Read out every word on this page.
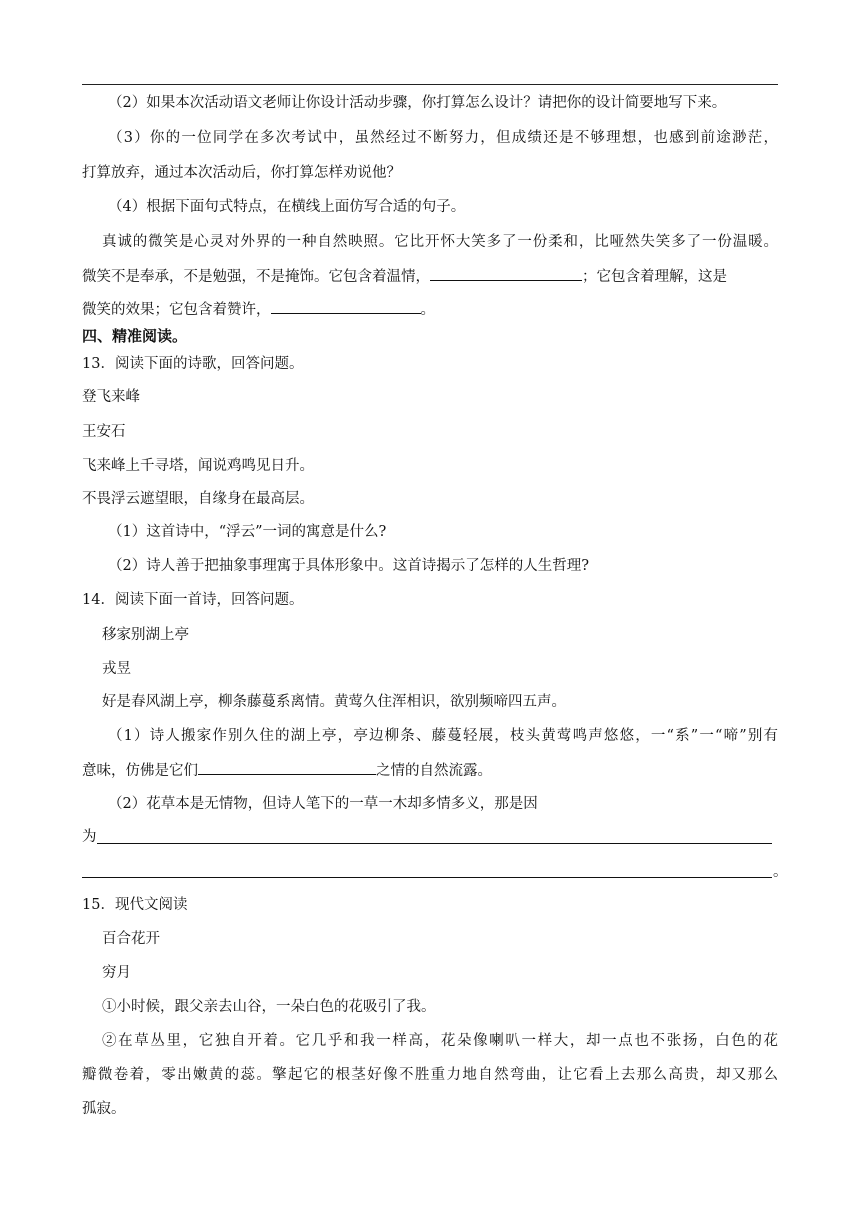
（2）如果本次活动语文老师让你设计活动步骤，你打算怎么设计？请把你的设计简要地写下来。
（3）你的一位同学在多次考试中，虽然经过不断努力，但成绩还是不够理想，也感到前途渺茫，
打算放弃，通过本次活动后，你打算怎样劝说他？
（4）根据下面句式特点，在横线上面仿写合适的句子。
真诚的微笑是心灵对外界的一种自然映照。它比开怀大笑多了一份柔和，比哑然失笑多了一份温暖。
微笑不是奉承，不是勉强，不是掩饰。它包含着温情，	；它包含着理解，这是
微笑的效果；它包含着赞许，	。
四、精准阅读。
13．阅读下面的诗歌，回答问题。
登飞来峰
王安石
飞来峰上千寻塔，闻说鸡鸣见日升。
不畏浮云遮望眼，自缘身在最高层。
（1）这首诗中，“浮云”一词的寓意是什么?
（2）诗人善于把抽象事理寓于具体形象中。这首诗揭示了怎样的人生哲理?
14．阅读下面一首诗，回答问题。
移家别湖上亭
戎昱
好是春风湖上亭，柳条藤蔓系离情。黄莺久住浑相识，欲别频啼四五声。
（1）诗人搬家作别久住的湖上亭，亭边柳条、藤蔓轻展，枝头黄莺鸣声悠悠，一“系”一“啼”别有
意味，仿佛是它们	之情的自然流露。
（2）花草本是无情物，但诗人笔下的一草一木却多情多义，那是因
为
。
15．现代文阅读
百合花开
穷月
①小时候，跟父亲去山谷，一朵白色的花吸引了我。
②在草丛里，它独自开着。它几乎和我一样高，花朵像喇叭一样大，却一点也不张扬，白色的花
瓣微卷着，零出嫩黄的蕊。擎起它的根茎好像不胜重力地自然弯曲，让它看上去那么高贵，却又那么
孤寂。
